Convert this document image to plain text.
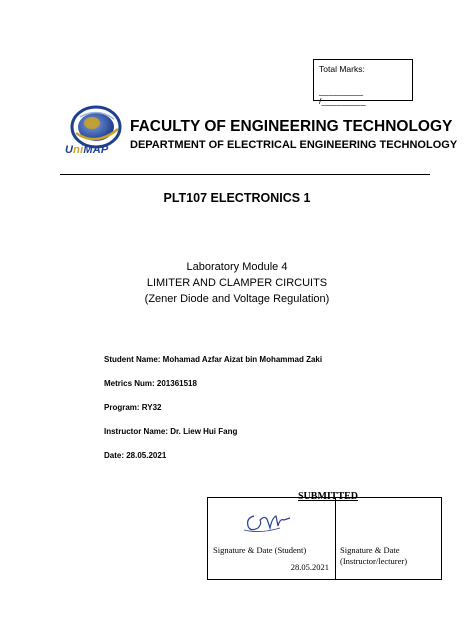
Total Marks:
_________ /_________
UniMAP
FACULTY OF ENGINEERING TECHNOLOGY
DEPARTMENT OF ELECTRICAL ENGINEERING TECHNOLOGY
PLT107 ELECTRONICS 1
Laboratory Module 4
LIMITER AND CLAMPER CIRCUITS
(Zener Diode and Voltage Regulation)
Student Name: Mohamad Azfar Aizat bin Mohammad Zaki
Metrics Num: 201361518
Program: RY32
Instructor Name: Dr. Liew Hui Fang
Date: 28.05.2021
SUBMITTED
Signature & Date (Student)
28.05.2021
Signature & Date
(Instructor/lecturer)
